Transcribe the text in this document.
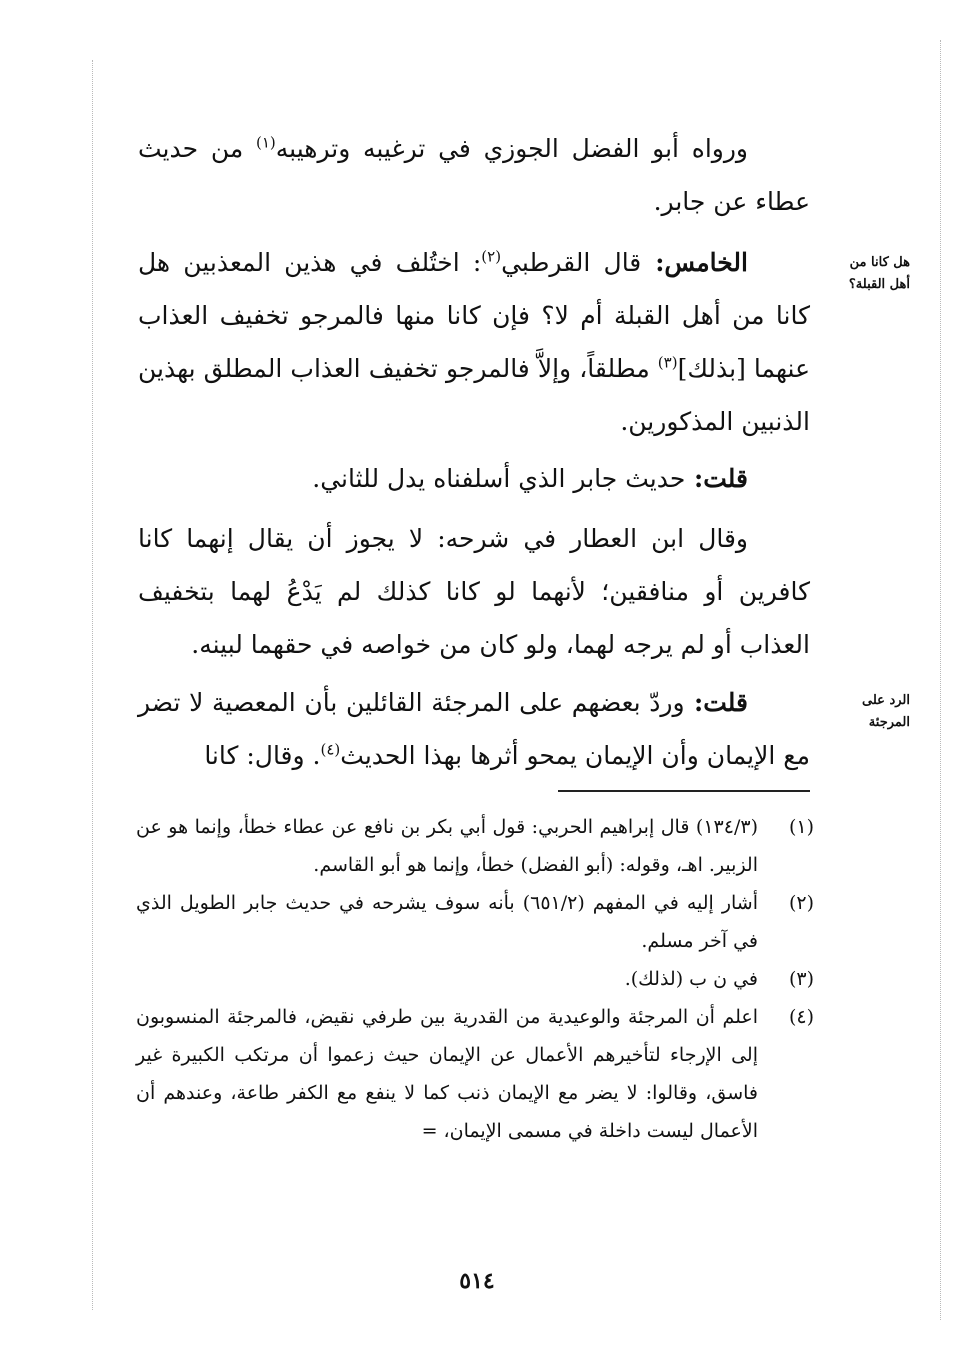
ورواه أبو الفضل الجوزي في ترغيبه وترهيبه$^{(١)}$ من حديث عطاء عن جابر.

هل كانا من أهل القبلة؟

الخامس: قال القرطبي$^{(٢)}$: اختُلف في هذين المعذبين هل كانا من أهل القبلة أم لا؟ فإن كانا منها فالمرجو تخفيف العذاب عنهما [بذلك]$^{(٣)}$ مطلقاً، وإلاَّ فالمرجو تخفيف العذاب المطلق بهذين الذنبين المذكورين.

قلت: حديث جابر الذي أسلفناه يدل للثاني.

وقال ابن العطار في شرحه: لا يجوز أن يقال إنهما كانا كافرين أو منافقين؛ لأنهما لو كانا كذلك لم يَدْعُ لهما بتخفيف العذاب أو لم يرجه لهما، ولو كان من خواصه في حقهما لبينه.

الرد على المرجئة

قلت: وردّ بعضهم على المرجئة القائلين بأن المعصية لا تضر مع الإيمان وأن الإيمان يمحو أثرها بهذا الحديث$^{(٤)}$. وقال: كانا

(١)
(١٣٤/٣) قال إبراهيم الحربي: قول أبي بكر بن نافع عن عطاء خطأ، وإنما هو عن الزبير. اهـ، وقوله: (أبو الفضل) خطأ، وإنما هو أبو القاسم.
(٢)
أشار إليه في المفهم (٦٥١/٢) بأنه سوف يشرحه في حديث جابر الطويل الذي في آخر مسلم.
(٣)
في ن ب (لذلك).
(٤)
اعلم أن المرجئة والوعيدية من القدرية بين طرفي نقيض، فالمرجئة المنسوبون إلى الإرجاء لتأخيرهم الأعمال عن الإيمان حيث زعموا أن مرتكب الكبيرة غير فاسق، وقالوا: لا يضر مع الإيمان ذنب كما لا ينفع مع الكفر طاعة، وعندهم أن الأعمال ليست داخلة في مسمى الإيمان، =
٥١٤
